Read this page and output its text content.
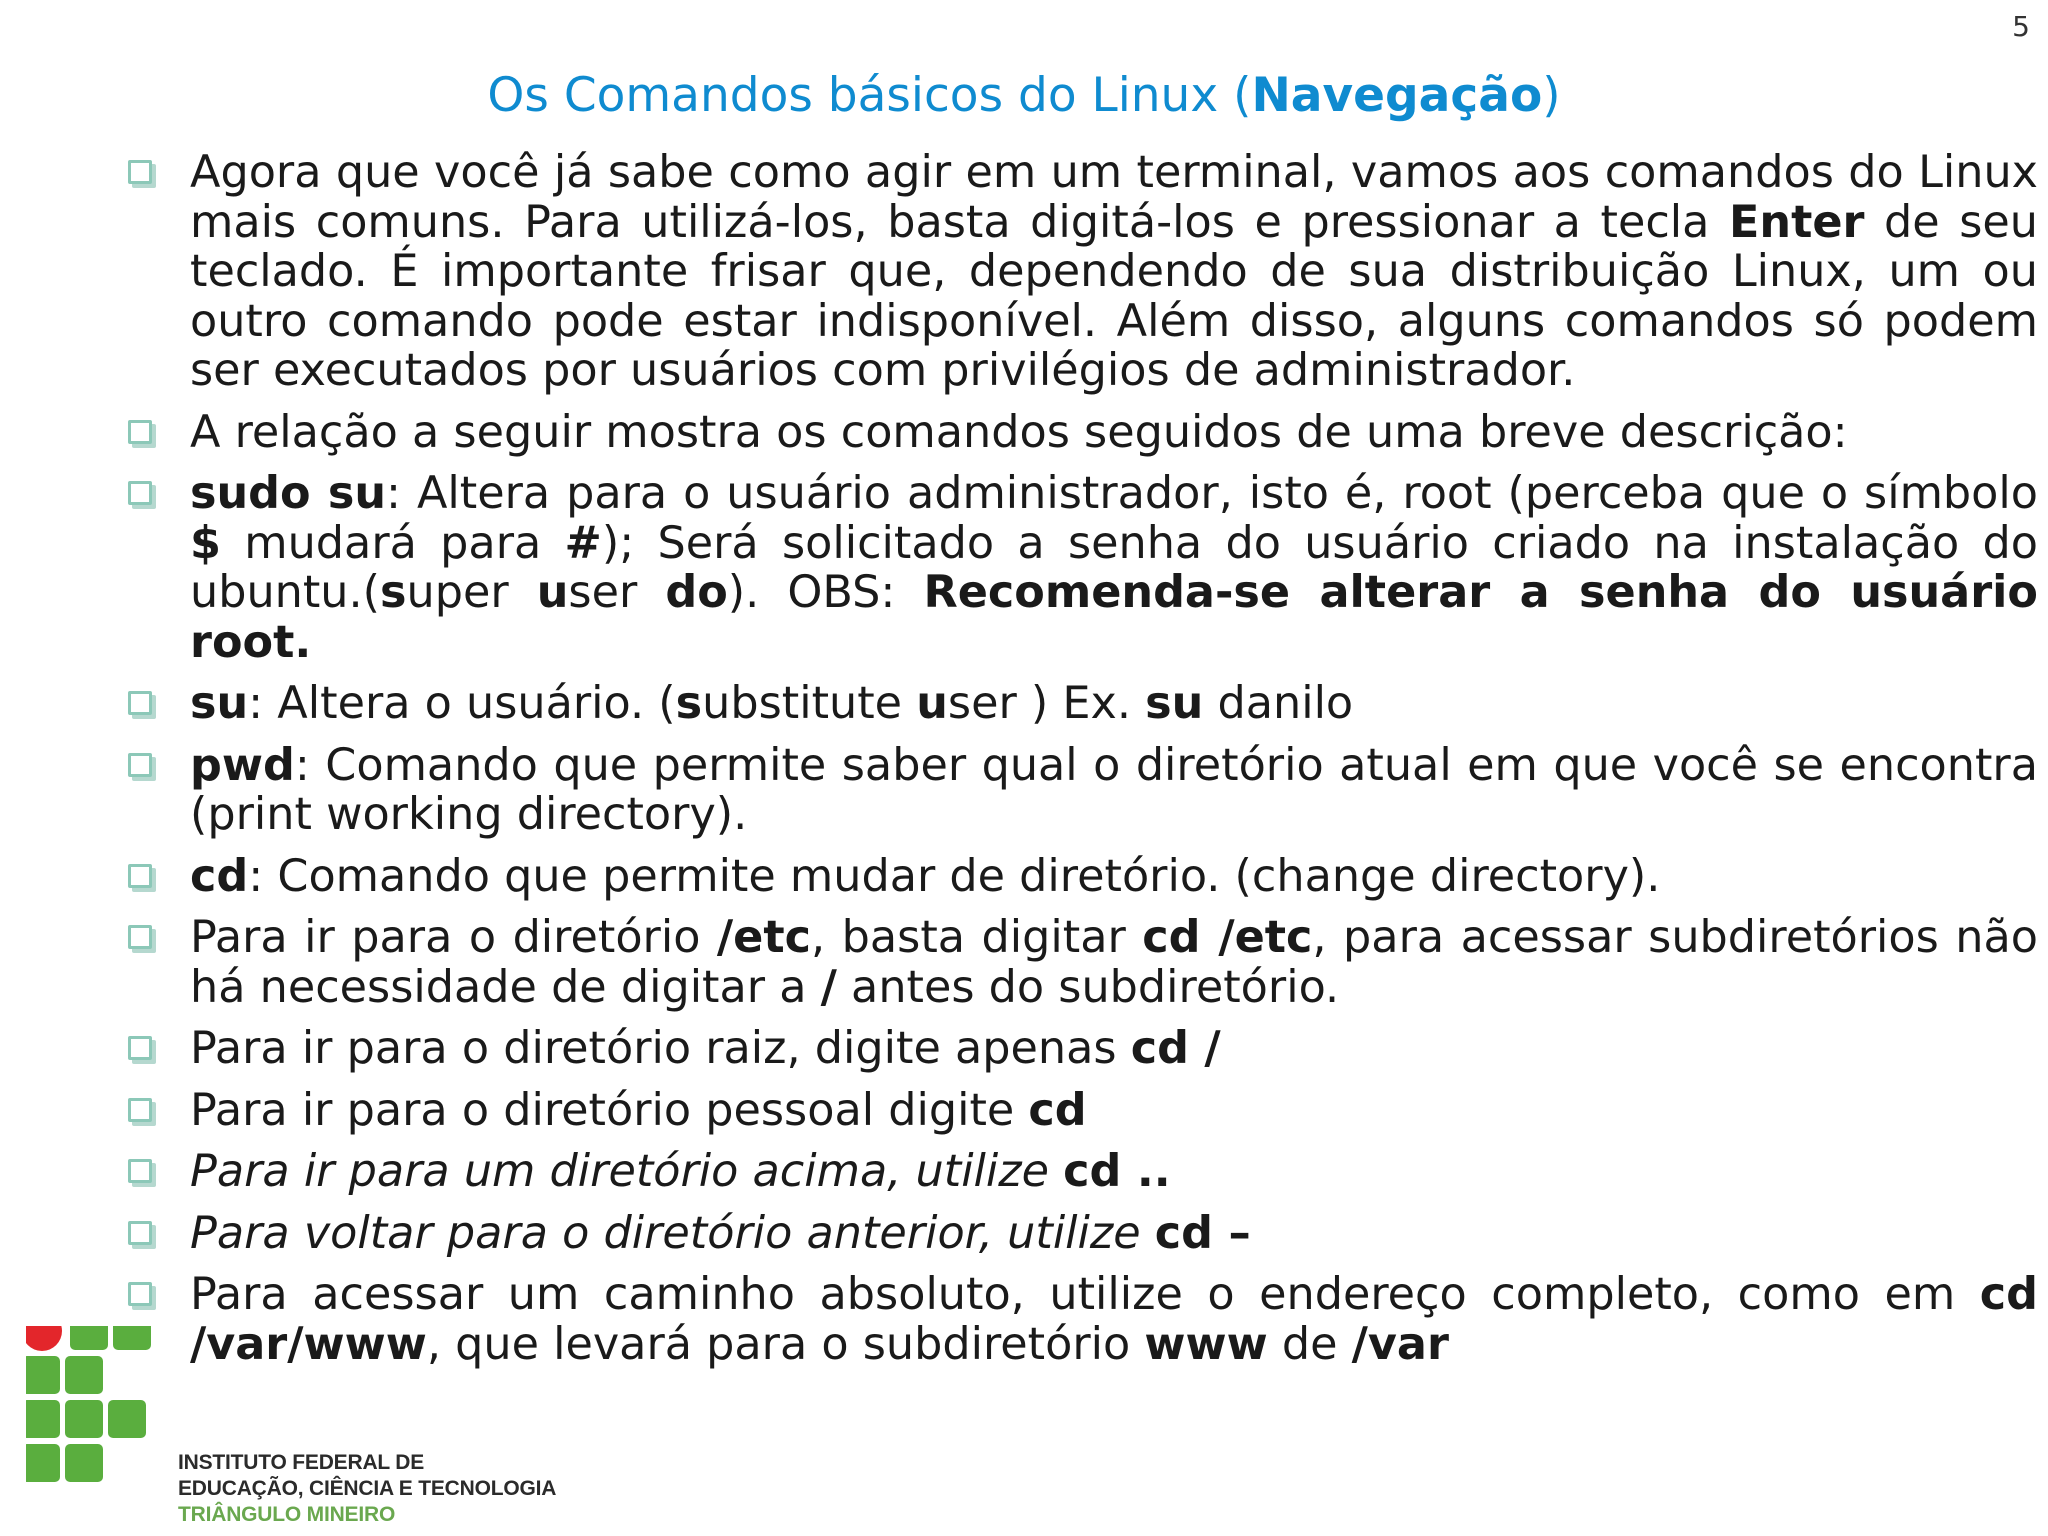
5
Os Comandos básicos do Linux (Navegação)
Agora que você já sabe como agir em um terminal, vamos aos comandos do Linux mais comuns. Para utilizá-los, basta digitá-los e pressionar a tecla Enter de seu teclado. É importante frisar que, dependendo de sua distribuição Linux, um ou outro comando pode estar indisponível. Além disso, alguns comandos só podem ser executados por usuários com privilégios de administrador.
A relação a seguir mostra os comandos seguidos de uma breve descrição:
sudo su: Altera para o usuário administrador, isto é, root (perceba que o símbolo $ mudará para #); Será solicitado a senha do usuário criado na instalação do ubuntu.(super user do). OBS: Recomenda-se alterar a senha do usuário root.
su: Altera o usuário. (substitute user ) Ex. su danilo
pwd: Comando que permite saber qual o diretório atual em que você se encontra (print working directory).
cd: Comando que permite mudar de diretório. (change directory).
Para ir para o diretório /etc, basta digitar cd /etc, para acessar subdiretórios não há necessidade de digitar a / antes do subdiretório.
Para ir para o diretório raiz, digite apenas cd /
Para ir para o diretório pessoal digite cd
Para ir para um diretório acima, utilize cd ..
Para voltar para o diretório anterior, utilize cd –
Para acessar um caminho absoluto, utilize o endereço completo, como em cd /var/www, que levará para o subdiretório www de /var
INSTITUTO FEDERAL DE
EDUCAÇÃO, CIÊNCIA E TECNOLOGIA
TRIÂNGULO MINEIRO
